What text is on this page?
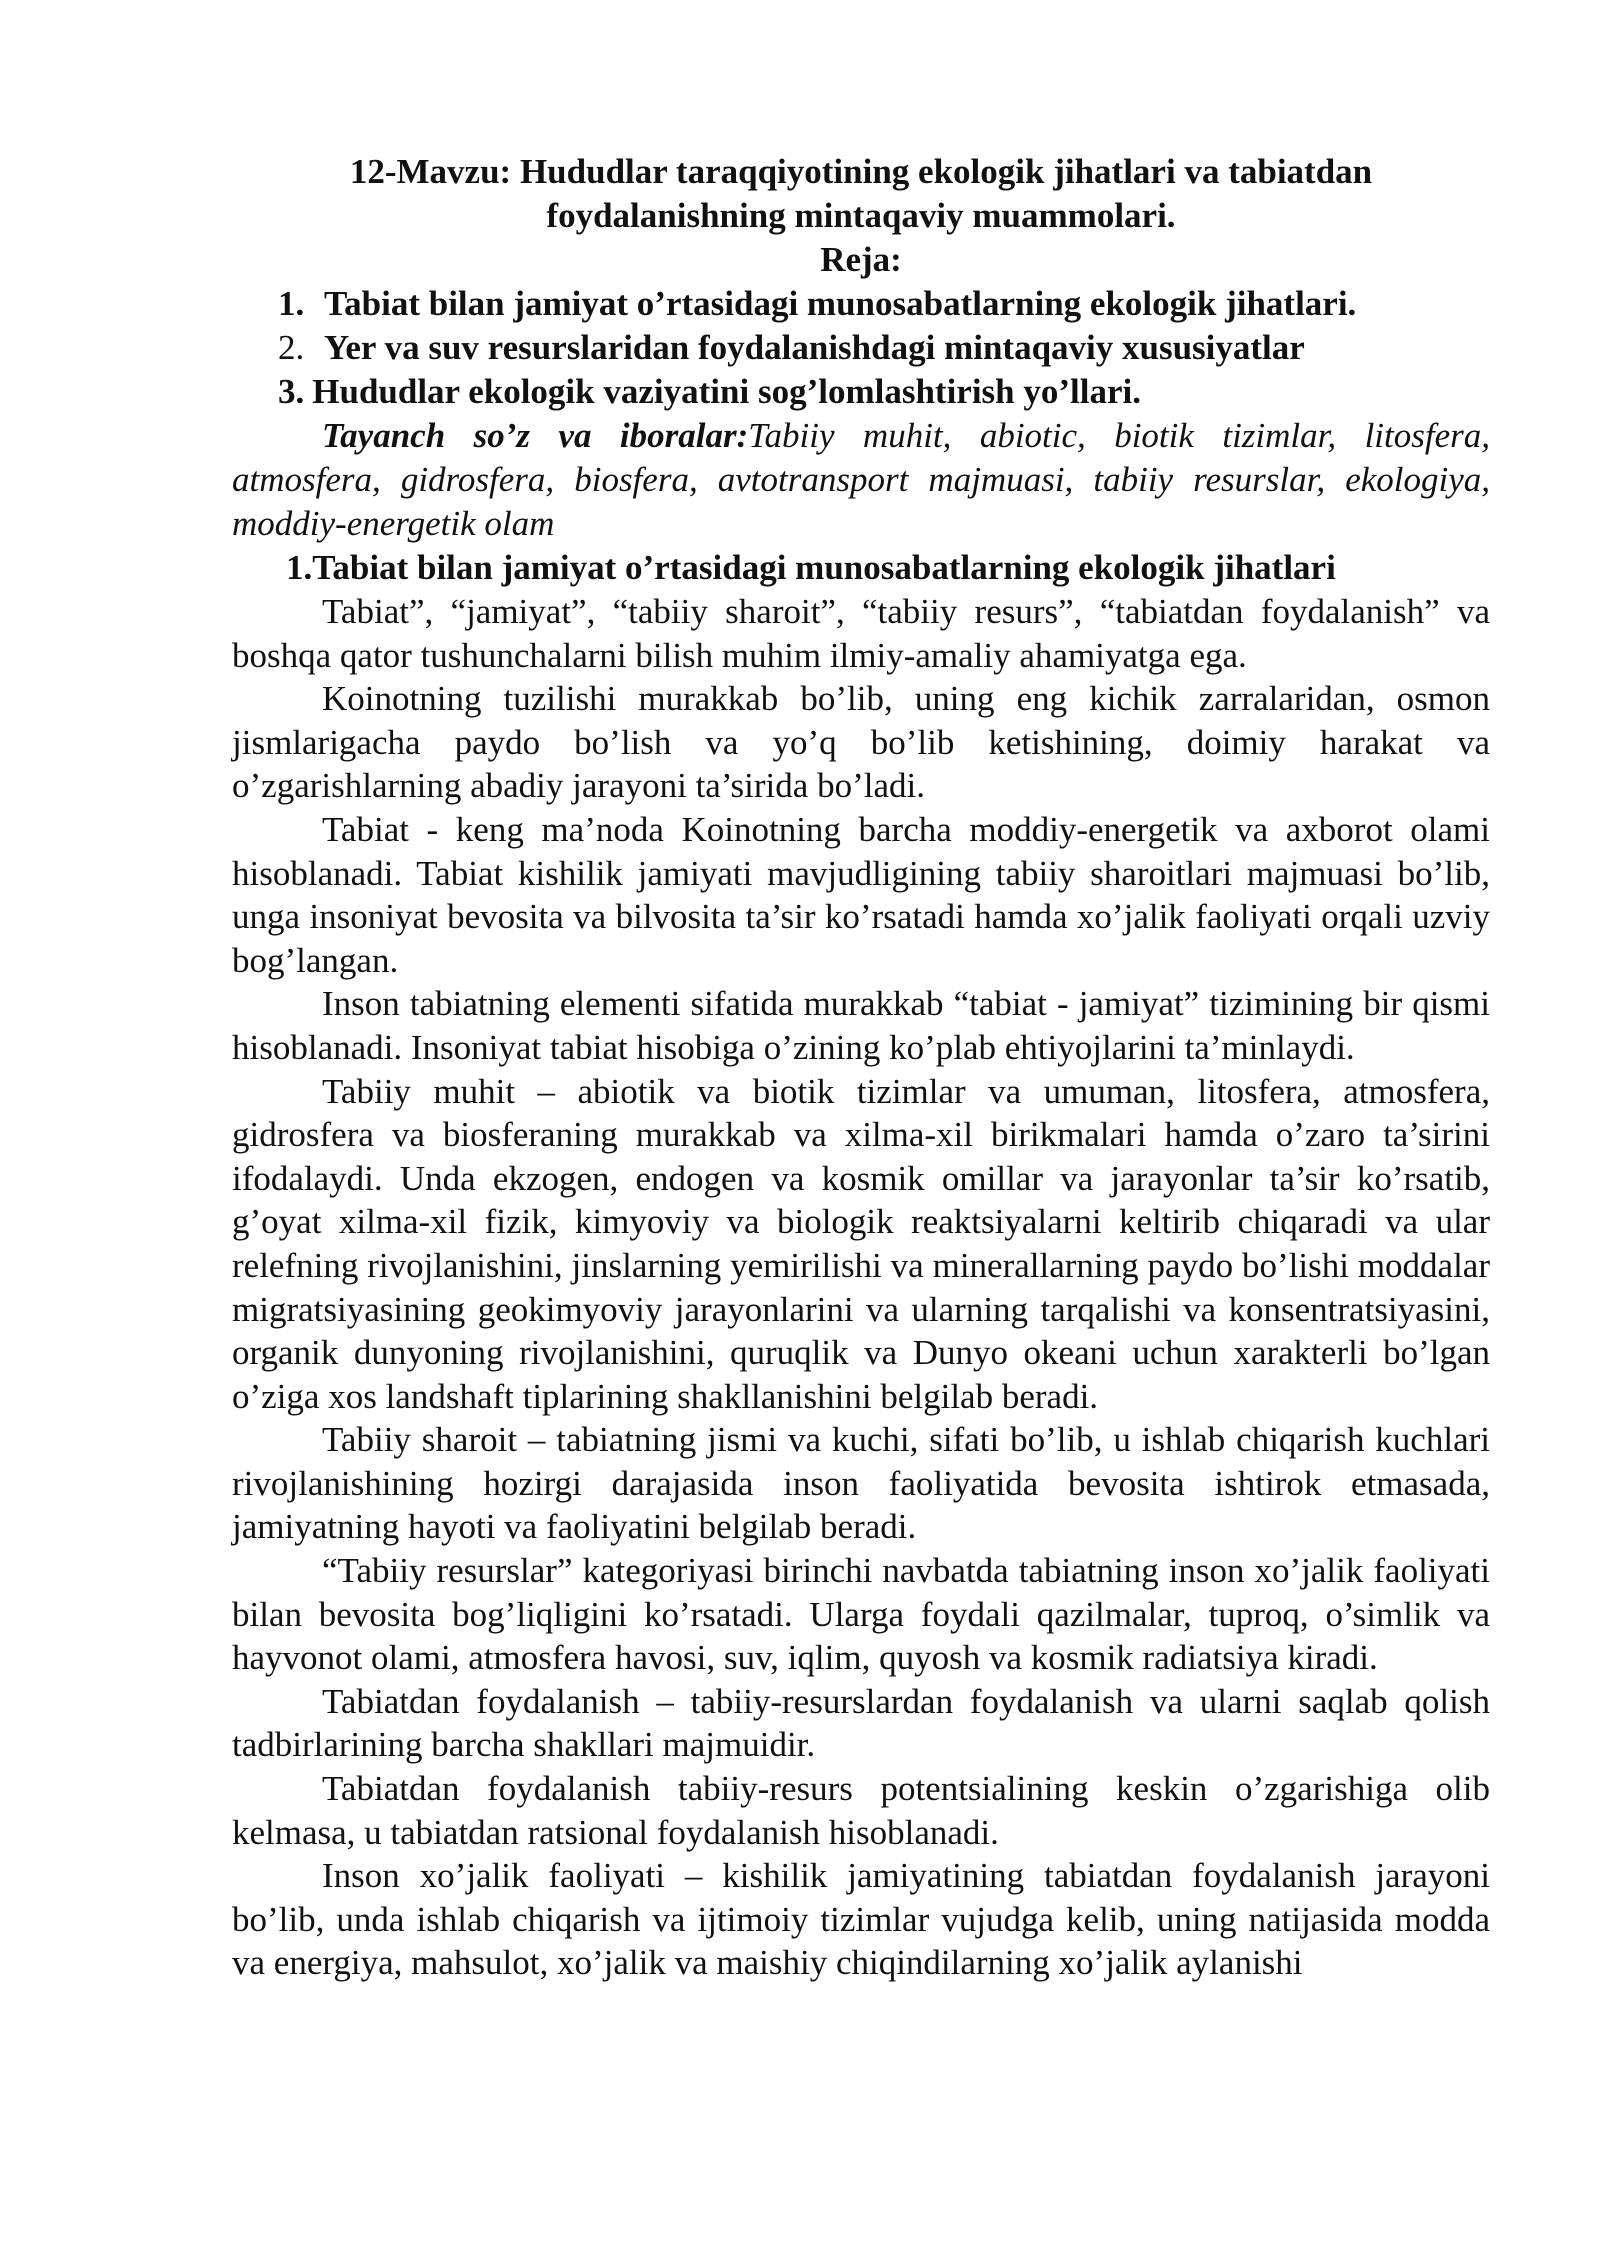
12-Mavzu: Hududlar taraqqiyotining ekologik jihatlari va tabiatdan
foydalanishning mintaqaviy muammolari.

Reja:

1. Tabiat bilan jamiyat o’rtasidagi munosabatlarning ekologik jihatlari.
2. Yer va suv resurslaridan foydalanishdagi mintaqaviy xususiyatlar
3. Hududlar ekologik vaziyatini sog’lomlashtirish yo’llari.

Tayanch so’z va iboralar:Tabiiy muhit, abiotic, biotik tizimlar, litosfera, atmosfera, gidrosfera, biosfera, avtotransport majmuasi, tabiiy resurslar, ekologiya, moddiy-energetik olam

1.Tabiat bilan jamiyat o’rtasidagi munosabatlarning ekologik jihatlari

Tabiat”, “jamiyat”, “tabiiy sharoit”, “tabiiy resurs”, “tabiatdan foydalanish” va boshqa qator tushunchalarni bilish muhim ilmiy-amaliy ahamiyatga ega.

Koinotning tuzilishi murakkab bo’lib, uning eng kichik zarralaridan, osmon jismlarigacha paydo bo’lish va yo’q bo’lib ketishining, doimiy harakat va o’zgarishlarning abadiy jarayoni ta’sirida bo’ladi.

Tabiat - keng ma’noda Koinotning barcha moddiy-energetik va axborot olami hisoblanadi. Tabiat kishilik jamiyati mavjudligining tabiiy sharoitlari majmuasi bo’lib, unga insoniyat bevosita va bilvosita ta’sir ko’rsatadi hamda xo’jalik faoliyati orqali uzviy bog’langan.

Inson tabiatning elementi sifatida murakkab “tabiat - jamiyat” tizimining bir qismi hisoblanadi. Insoniyat tabiat hisobiga o’zining ko’plab ehtiyojlarini ta’minlaydi.

Tabiiy muhit – abiotik va biotik tizimlar va umuman, litosfera, atmosfera, gidrosfera va biosferaning murakkab va xilma-xil birikmalari hamda o’zaro ta’sirini ifodalaydi. Unda ekzogen, endogen va kosmik omillar va jarayonlar ta’sir ko’rsatib, g’oyat xilma-xil fizik, kimyoviy va biologik reaktsiyalarni keltirib chiqaradi va ular relefning rivojlanishini, jinslarning yemirilishi va minerallarning paydo bo’lishi moddalar migratsiyasining geokimyoviy jarayonlarini va ularning tarqalishi va konsentratsiyasini, organik dunyoning rivojlanishini, quruqlik va Dunyo okeani uchun xarakterli bo’lgan o’ziga xos landshaft tiplarining shakllanishini belgilab beradi.

Tabiiy sharoit – tabiatning jismi va kuchi, sifati bo’lib, u ishlab chiqarish kuchlari rivojlanishining hozirgi darajasida inson faoliyatida bevosita ishtirok etmasada, jamiyatning hayoti va faoliyatini belgilab beradi.

“Tabiiy resurslar” kategoriyasi birinchi navbatda tabiatning inson xo’jalik faoliyati bilan bevosita bog’liqligini ko’rsatadi. Ularga foydali qazilmalar, tuproq, o’simlik va hayvonot olami, atmosfera havosi, suv, iqlim, quyosh va kosmik radiatsiya kiradi.

Tabiatdan foydalanish – tabiiy-resurslardan foydalanish va ularni saqlab qolish tadbirlarining barcha shakllari majmuidir.

Tabiatdan foydalanish tabiiy-resurs potentsialining keskin o’zgarishiga olib kelmasa, u tabiatdan ratsional foydalanish hisoblanadi.

Inson xo’jalik faoliyati – kishilik jamiyatining tabiatdan foydalanish jarayoni bo’lib, unda ishlab chiqarish va ijtimoiy tizimlar vujudga kelib, uning natijasida modda va energiya, mahsulot, xo’jalik va maishiy chiqindilarning xo’jalik aylanishi
